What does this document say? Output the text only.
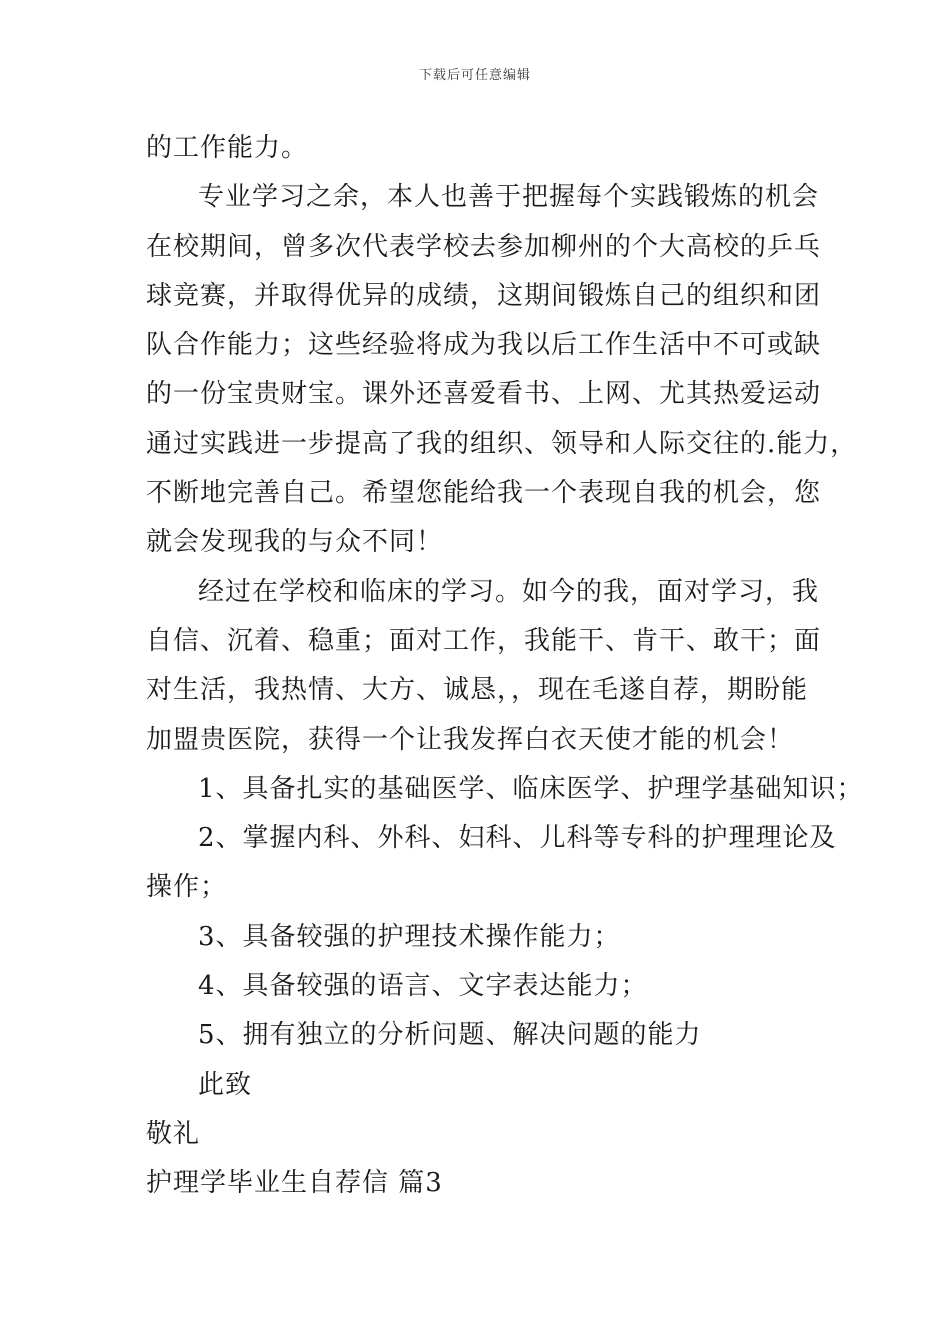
下载后可任意编辑
的工作能力。
专业学习之余，本人也善于把握每个实践锻炼的机会
在校期间，曾多次代表学校去参加柳州的个大高校的乒乓
球竞赛，并取得优异的成绩，这期间锻炼自己的组织和团
队合作能力；这些经验将成为我以后工作生活中不可或缺
的一份宝贵财宝。课外还喜爱看书、上网、尤其热爱运动
通过实践进一步提高了我的组织、领导和人际交往的.能力，
不断地完善自己。希望您能给我一个表现自我的机会，您
就会发现我的与众不同！
经过在学校和临床的学习。如今的我，面对学习，我
自信、沉着、稳重；面对工作，我能干、肯干、敢干；面
对生活，我热情、大方、诚恳，，现在毛遂自荐，期盼能
加盟贵医院，获得一个让我发挥白衣天使才能的机会！
1、具备扎实的基础医学、临床医学、护理学基础知识；
2、掌握内科、外科、妇科、儿科等专科的护理理论及
操作；
3、具备较强的护理技术操作能力；
4、具备较强的语言、文字表达能力；
5、拥有独立的分析问题、解决问题的能力
此致
敬礼
护理学毕业生自荐信 篇3
